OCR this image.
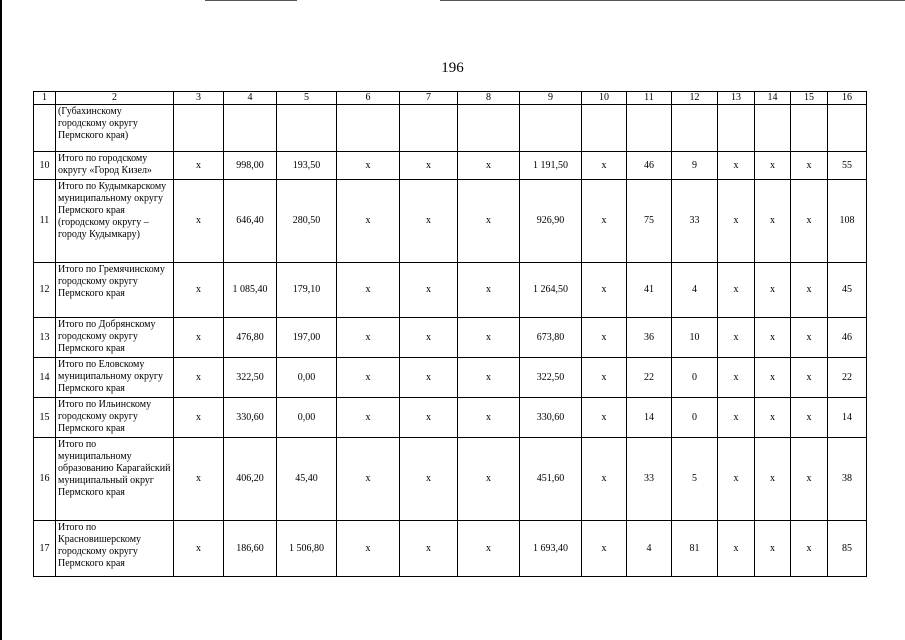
196
1	2	3	4	5	6	7	8	9	10	11	12	13	14	15	16
	(Губахинскому городскому округу Пермского края)														
10	Итого по городскому округу «Город Кизел»	х	998,00	193,50	х	х	х	1 191,50	х	46	9	х	х	х	55
11	Итого по Кудымкарскому муниципальному округу Пермского края (городскому округу – городу Кудымкару)	х	646,40	280,50	х	х	х	926,90	х	75	33	х	х	х	108
12	Итого по Гремячинскому городскому округу Пермского края	х	1 085,40	179,10	х	х	х	1 264,50	х	41	4	х	х	х	45
13	Итого по Добрянскому городскому округу Пермского края	х	476,80	197,00	х	х	х	673,80	х	36	10	х	х	х	46
14	Итого по Еловскому муниципальному округу Пермского края	х	322,50	0,00	х	х	х	322,50	х	22	0	х	х	х	22
15	Итого по Ильинскому городскому округу Пермского края	х	330,60	0,00	х	х	х	330,60	х	14	0	х	х	х	14
16	Итого по муниципальному образованию Карагайский муниципальный округ Пермского края	х	406,20	45,40	х	х	х	451,60	х	33	5	х	х	х	38
17	Итого по Красновишерскому городскому округу Пермского края	х	186,60	1 506,80	х	х	х	1 693,40	х	4	81	х	х	х	85
